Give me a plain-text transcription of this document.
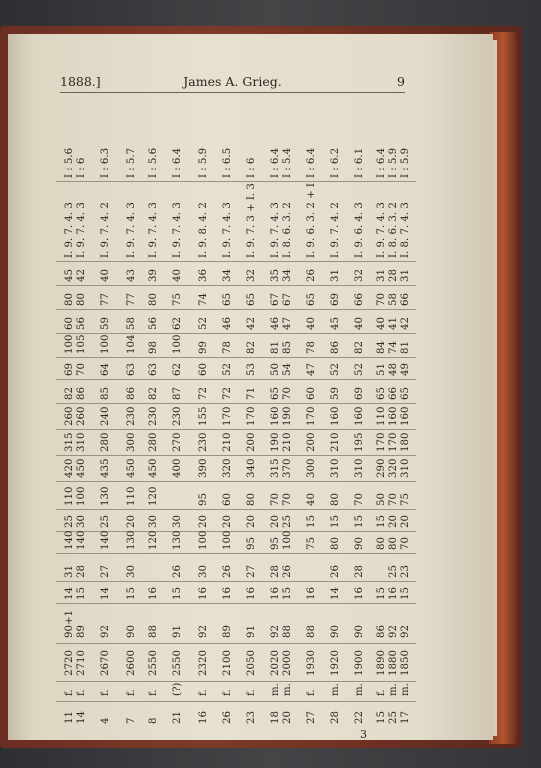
1888.]	James A. Grieg.	9
11
f.
2720
90+1
14
31
140
25
110
420
315
260
82
69
100
60
80
45
I. 9. 7. 4. 3
I : 5.6
14
f.
2710
89
15
28
140
30
100
450
310
260
86
70
105
56
80
42
I. 9. 7. 4. 3
I : 6
4
f.
2670
92
14
27
140
25
130
435
280
240
85
64
100
59
77
40
I. 9. 7. 4. 2
I : 6.3
7
f.
2600
90
15
30
130
20
110
450
300
230
86
63
104
58
77
43
I. 9. 7. 4. 3
I : 5.7
8
f.
2550
88
16
120
30
120
450
280
230
82
63
98
56
80
39
I. 9. 7. 4. 3
I : 5.6
21
(?)
2550
91
15
26
130
30
400
270
230
87
62
100
62
75
40
I. 9. 7. 4. 3
I : 6.4
16
f.
2320
92
16
30
100
20
95
390
230
155
72
60
99
52
74
36
I. 9. 8. 4. 2
I : 5.9
26
f.
2100
89
16
26
100
20
60
320
210
170
72
52
78
46
65
34
I. 9. 7. 4. 3
I : 6.5
23
f.
2050
91
16
27
95
20
80
340
200
170
71
53
82
42
65
32
I. 9. 7. 3 + I. 3
I : 6
18
m.
2020
92
16
28
95
20
70
315
190
160
65
50
81
46
67
35
I. 9. 7. 4. 3
I : 6.4
20
m.
2000
88
15
26
100
25
70
370
210
190
70
54
85
47
67
34
I. 8. 6. 3. 2
I : 5.4
27
f.
1930
88
16
75
15
40
300
200
170
60
47
78
40
65
26
I. 9. 6. 3. 2 + I
I : 6.4
28
m.
1920
90
14
26
80
15
80
310
210
160
59
52
86
45
69
31
I. 9. 7. 4. 2
I : 6.2
22
m.
1900
90
16
28
90
15
70
310
195
160
69
52
82
40
66
32
I. 9. 6. 4. 3
I : 6.1
15
f.
1890
86
15
80
15
50
290
170
110
65
51
84
40
70
31
I. 9. 7. 4. 3
I : 6.4
25
m.
1880
92
16
25
80
20
70
320
170
160
66
48
74
41
58
28
I. 8. 6. 3. 2
I : 5.9
17
m.
1850
92
15
23
70
20
75
310
180
160
65
49
81
42
66
31
I. 8. 7. 4. 3
I : 5.9
3
